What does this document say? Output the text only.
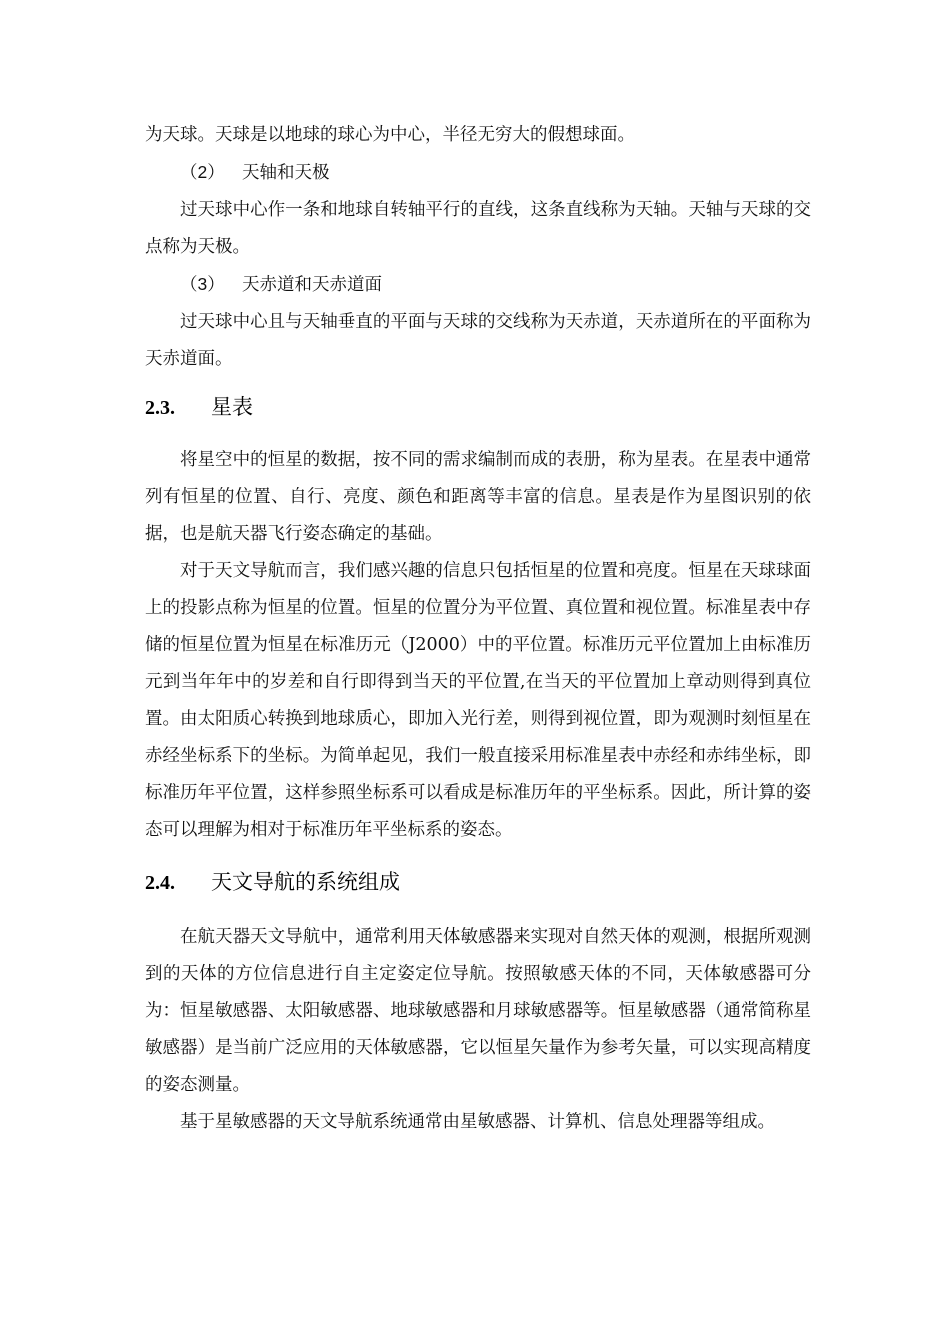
为天球。天球是以地球的球心为中心，半径无穷大的假想球面。

（2） 天轴和天极

过天球中心作一条和地球自转轴平行的直线，这条直线称为天轴。天轴与天球的交点称为天极。

（3） 天赤道和天赤道面

过天球中心且与天轴垂直的平面与天球的交线称为天赤道，天赤道所在的平面称为天赤道面。

2.3.	星表

将星空中的恒星的数据，按不同的需求编制而成的表册，称为星表。在星表中通常列有恒星的位置、自行、亮度、颜色和距离等丰富的信息。星表是作为星图识别的依据，也是航天器飞行姿态确定的基础。

对于天文导航而言，我们感兴趣的信息只包括恒星的位置和亮度。恒星在天球球面上的投影点称为恒星的位置。恒星的位置分为平位置、真位置和视位置。标准星表中存储的恒星位置为恒星在标准历元（J2000）中的平位置。标准历元平位置加上由标准历元到当年年中的岁差和自行即得到当天的平位置,在当天的平位置加上章动则得到真位置。由太阳质心转换到地球质心，即加入光行差，则得到视位置，即为观测时刻恒星在赤经坐标系下的坐标。为简单起见，我们一般直接采用标准星表中赤经和赤纬坐标，即标准历年平位置，这样参照坐标系可以看成是标准历年的平坐标系。因此，所计算的姿态可以理解为相对于标准历年平坐标系的姿态。

2.4.	天文导航的系统组成

在航天器天文导航中，通常利用天体敏感器来实现对自然天体的观测，根据所观测到的天体的方位信息进行自主定姿定位导航。按照敏感天体的不同，天体敏感器可分为：恒星敏感器、太阳敏感器、地球敏感器和月球敏感器等。恒星敏感器（通常简称星敏感器）是当前广泛应用的天体敏感器，它以恒星矢量作为参考矢量，可以实现高精度的姿态测量。

基于星敏感器的天文导航系统通常由星敏感器、计算机、信息处理器等组成。
